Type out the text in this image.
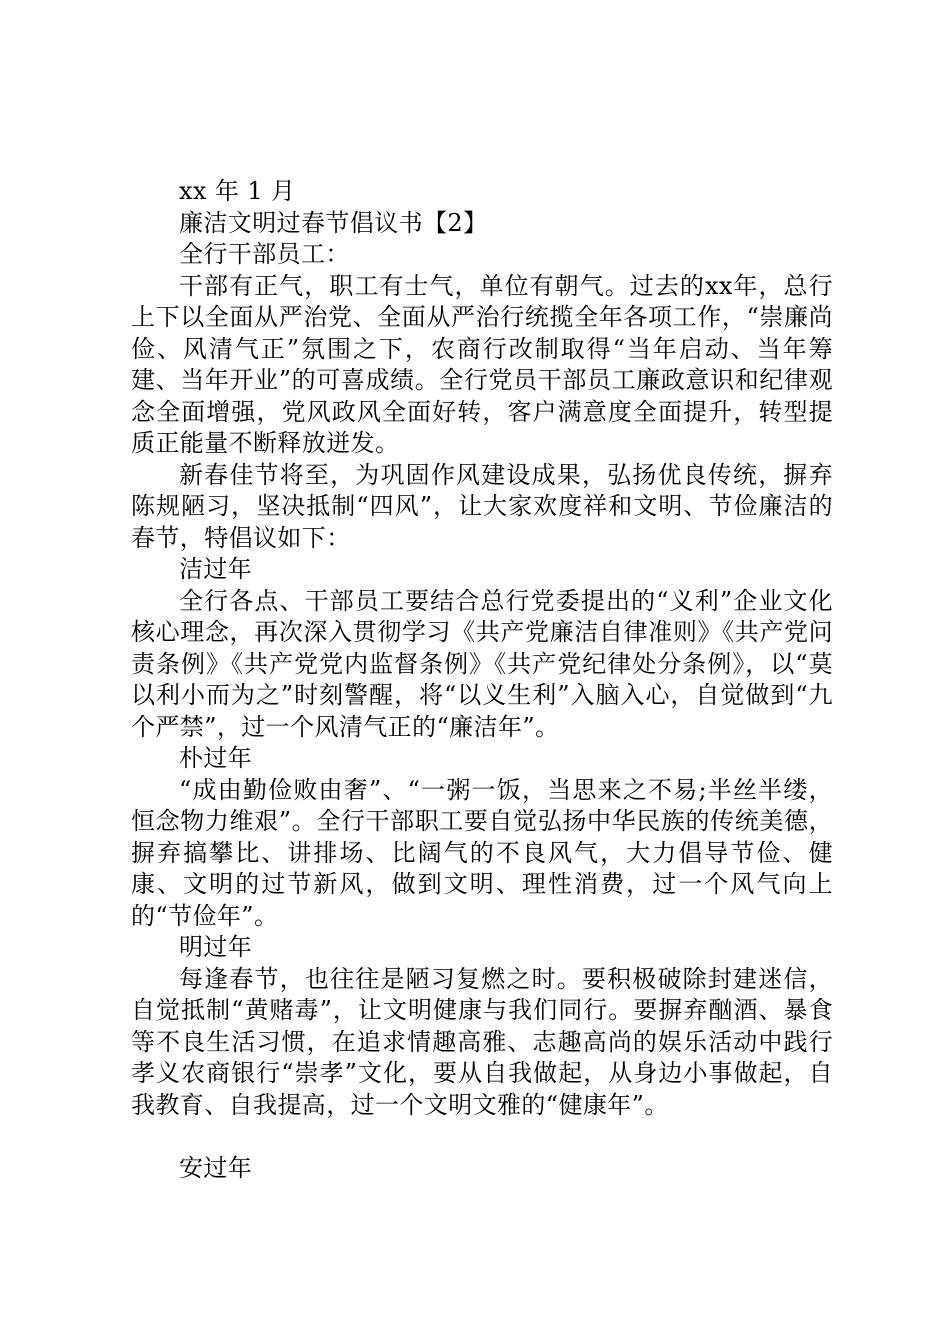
xx 年 1 月

廉洁文明过春节倡议书【2】

全行干部员工：

干部有正气，职工有士气，单位有朝气。过去的xx年，总行上下以全面从严治党、全面从严治行统揽全年各项工作，“崇廉尚俭、风清气正”氛围之下，农商行改制取得“当年启动、当年筹建、当年开业”的可喜成绩。全行党员干部员工廉政意识和纪律观念全面增强，党风政风全面好转，客户满意度全面提升，转型提质正能量不断释放迸发。

新春佳节将至，为巩固作风建设成果，弘扬优良传统，摒弃陈规陋习，坚决抵制“四风”，让大家欢度祥和文明、节俭廉洁的春节，特倡议如下：

洁过年

全行各点、干部员工要结合总行党委提出的“义利”企业文化核心理念，再次深入贯彻学习《共产党廉洁自律准则》《共产党问责条例》《共产党党内监督条例》《共产党纪律处分条例》，以“莫以利小而为之”时刻警醒，将“以义生利”入脑入心，自觉做到“九个严禁”，过一个风清气正的“廉洁年”。

朴过年

“成由勤俭败由奢”、“一粥一饭，当思来之不易;半丝半缕，恒念物力维艰”。全行干部职工要自觉弘扬中华民族的传统美德，摒弃搞攀比、讲排场、比阔气的不良风气，大力倡导节俭、健康、文明的过节新风，做到文明、理性消费，过一个风气向上的“节俭年”。

明过年

每逢春节，也往往是陋习复燃之时。要积极破除封建迷信，自觉抵制“黄赌毒”，让文明健康与我们同行。要摒弃酗酒、暴食等不良生活习惯，在追求情趣高雅、志趣高尚的娱乐活动中践行孝义农商银行“崇孝”文化，要从自我做起，从身边小事做起，自我教育、自我提高，过一个文明文雅的“健康年”。

安过年
